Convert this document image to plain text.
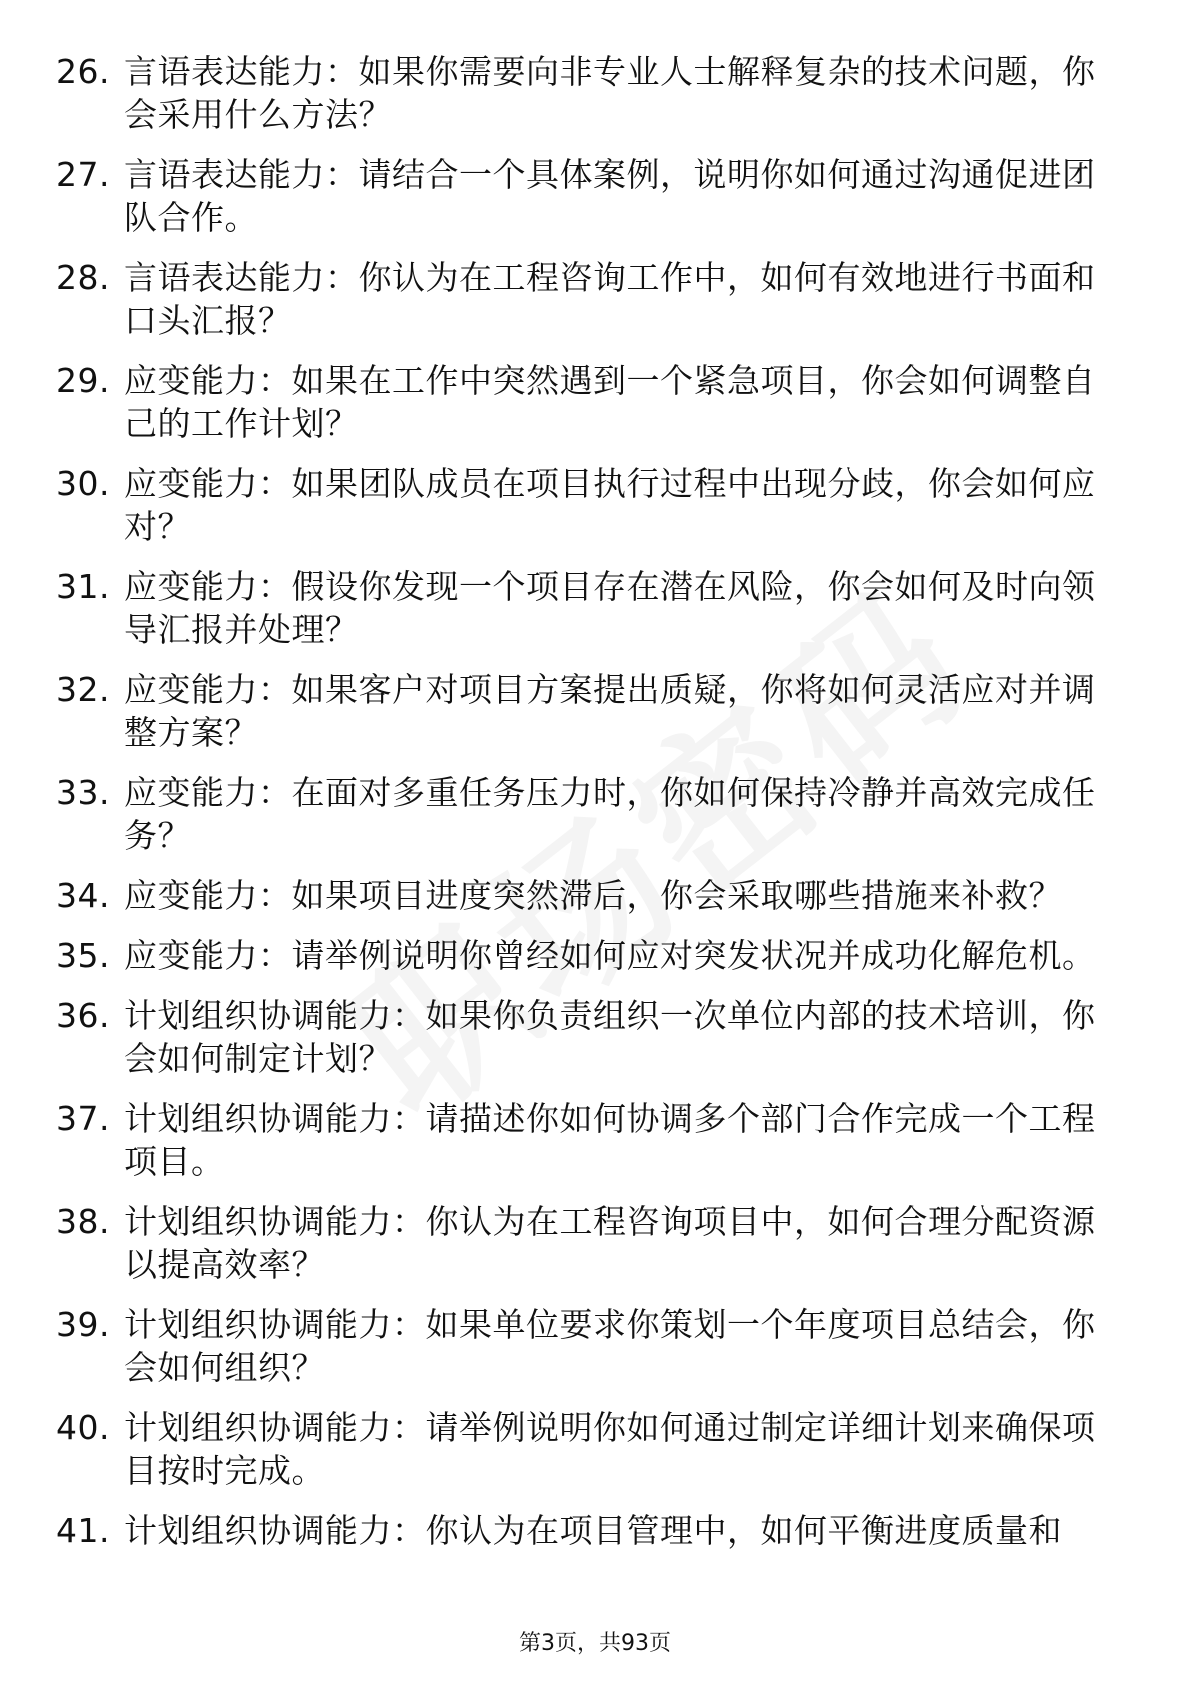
26. 言语表达能力：如果你需要向非专业人士解释复杂的技术问题，你会采用什么方法？
27. 言语表达能力：请结合一个具体案例，说明你如何通过沟通促进团队合作。
28. 言语表达能力：你认为在工程咨询工作中，如何有效地进行书面和口头汇报？
29. 应变能力：如果在工作中突然遇到一个紧急项目，你会如何调整自己的工作计划？
30. 应变能力：如果团队成员在项目执行过程中出现分歧，你会如何应对？
31. 应变能力：假设你发现一个项目存在潜在风险，你会如何及时向领导汇报并处理？
32. 应变能力：如果客户对项目方案提出质疑，你将如何灵活应对并调整方案？
33. 应变能力：在面对多重任务压力时，你如何保持冷静并高效完成任务？
34. 应变能力：如果项目进度突然滞后，你会采取哪些措施来补救？
35. 应变能力：请举例说明你曾经如何应对突发状况并成功化解危机。
36. 计划组织协调能力：如果你负责组织一次单位内部的技术培训，你会如何制定计划？
37. 计划组织协调能力：请描述你如何协调多个部门合作完成一个工程项目。
38. 计划组织协调能力：你认为在工程咨询项目中，如何合理分配资源以提高效率？
39. 计划组织协调能力：如果单位要求你策划一个年度项目总结会，你会如何组织？
40. 计划组织协调能力：请举例说明你如何通过制定详细计划来确保项目按时完成。
41. 计划组织协调能力：你认为在项目管理中，如何平衡进度质量和
第3页，共93页
